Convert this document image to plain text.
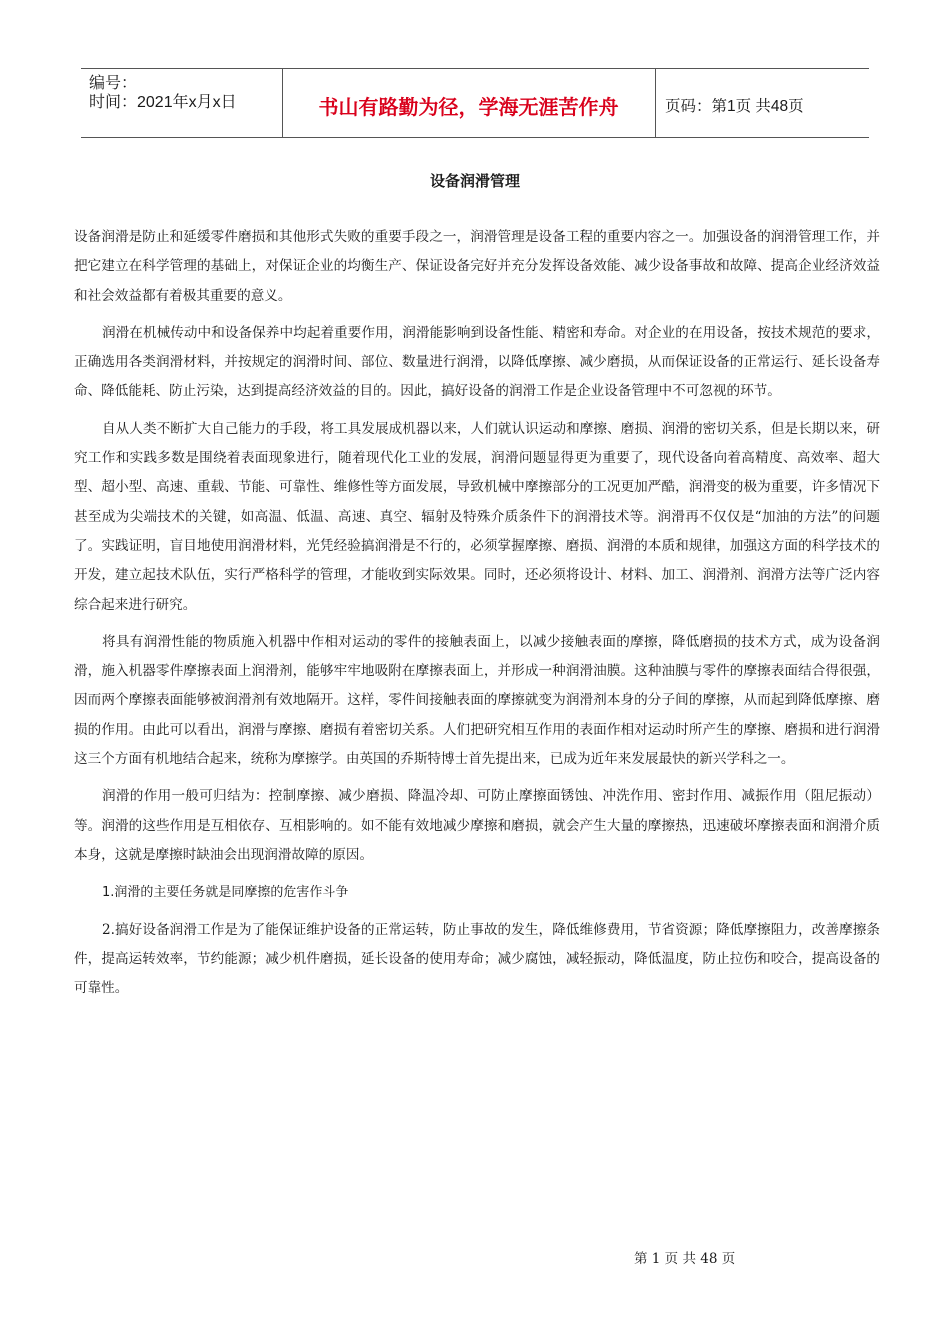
编号：
时间：2021年x月x日	书山有路勤为径，学海无涯苦作舟	页码：第1页 共48页
设备润滑管理

设备润滑是防止和延缓零件磨损和其他形式失败的重要手段之一，润滑管理是设备工程的重要内容之一。加强设备的润滑管理工作，并把它建立在科学管理的基础上，对保证企业的均衡生产、保证设备完好并充分发挥设备效能、减少设备事故和故障、提高企业经济效益和社会效益都有着极其重要的意义。

润滑在机械传动中和设备保养中均起着重要作用，润滑能影响到设备性能、精密和寿命。对企业的在用设备，按技术规范的要求，正确选用各类润滑材料，并按规定的润滑时间、部位、数量进行润滑，以降低摩擦、减少磨损，从而保证设备的正常运行、延长设备寿命、降低能耗、防止污染，达到提高经济效益的目的。因此，搞好设备的润滑工作是企业设备管理中不可忽视的环节。

自从人类不断扩大自己能力的手段，将工具发展成机器以来，人们就认识运动和摩擦、磨损、润滑的密切关系，但是长期以来，研究工作和实践多数是围绕着表面现象进行，随着现代化工业的发展，润滑问题显得更为重要了，现代设备向着高精度、高效率、超大型、超小型、高速、重载、节能、可靠性、维修性等方面发展，导致机械中摩擦部分的工况更加严酷，润滑变的极为重要，许多情况下甚至成为尖端技术的关键，如高温、低温、高速、真空、辐射及特殊介质条件下的润滑技术等。润滑再不仅仅是“加油的方法”的问题了。实践证明，盲目地使用润滑材料，光凭经验搞润滑是不行的，必须掌握摩擦、磨损、润滑的本质和规律，加强这方面的科学技术的开发，建立起技术队伍，实行严格科学的管理，才能收到实际效果。同时，还必须将设计、材料、加工、润滑剂、润滑方法等广泛内容综合起来进行研究。

将具有润滑性能的物质施入机器中作相对运动的零件的接触表面上，以减少接触表面的摩擦，降低磨损的技术方式，成为设备润滑，施入机器零件摩擦表面上润滑剂，能够牢牢地吸附在摩擦表面上，并形成一种润滑油膜。这种油膜与零件的摩擦表面结合得很强，因而两个摩擦表面能够被润滑剂有效地隔开。这样，零件间接触表面的摩擦就变为润滑剂本身的分子间的摩擦，从而起到降低摩擦、磨损的作用。由此可以看出，润滑与摩擦、磨损有着密切关系。人们把研究相互作用的表面作相对运动时所产生的摩擦、磨损和进行润滑这三个方面有机地结合起来，统称为摩擦学。由英国的乔斯特博士首先提出来，已成为近年来发展最快的新兴学科之一。

润滑的作用一般可归结为：控制摩擦、减少磨损、降温冷却、可防止摩擦面锈蚀、冲洗作用、密封作用、减振作用（阻尼振动）等。润滑的这些作用是互相依存、互相影响的。如不能有效地减少摩擦和磨损，就会产生大量的摩擦热，迅速破坏摩擦表面和润滑介质本身，这就是摩擦时缺油会出现润滑故障的原因。

1.润滑的主要任务就是同摩擦的危害作斗争

2.搞好设备润滑工作是为了能保证维护设备的正常运转，防止事故的发生，降低维修费用，节省资源；降低摩擦阻力，改善摩擦条件，提高运转效率，节约能源；减少机件磨损，延长设备的使用寿命；减少腐蚀，减轻振动，降低温度，防止拉伤和咬合，提高设备的可靠性。

第 1 页 共 48 页
